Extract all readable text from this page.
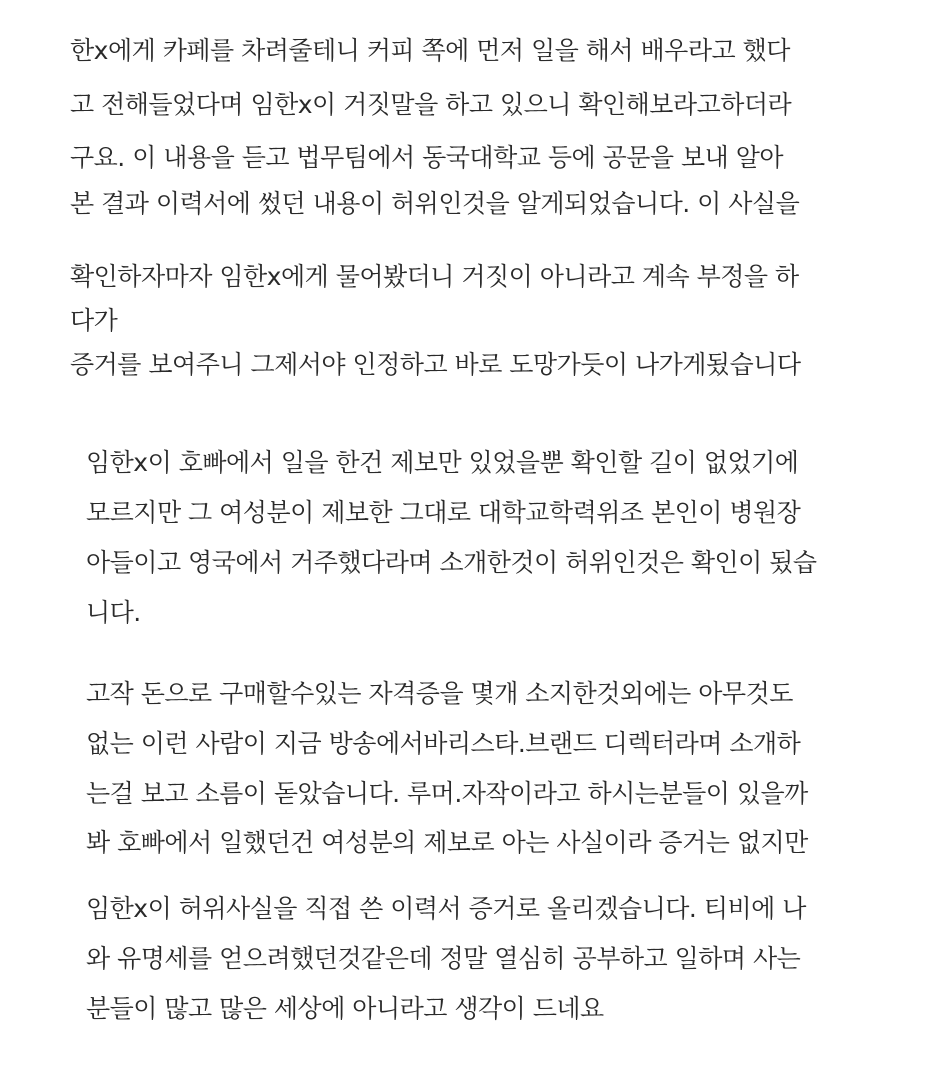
한x에게 카페를 차려줄테니 커피 쪽에 먼저 일을 해서 배우라고 했다
고 전해들었다며 임한x이 거짓말을 하고 있으니 확인해보라고하더라
구요. 이 내용을 듣고 법무팀에서 동국대학교 등에 공문을 보내 알아
본 결과 이력서에 썼던 내용이 허위인것을 알게되었습니다. 이 사실을
확인하자마자 임한x에게 물어봤더니 거짓이 아니라고 계속 부정을 하
다가
증거를 보여주니 그제서야 인정하고 바로 도망가듯이 나가게됬습니다
임한x이 호빠에서 일을 한건 제보만 있었을뿐 확인할 길이 없었기에
모르지만 그 여성분이 제보한 그대로 대학교학력위조 본인이 병원장
아들이고 영국에서 거주했다라며 소개한것이 허위인것은 확인이 됬습
니다.
고작 돈으로 구매할수있는 자격증을 몇개 소지한것외에는 아무것도
없는 이런 사람이 지금 방송에서바리스타.브랜드 디렉터라며 소개하
는걸 보고 소름이 돋았습니다. 루머.자작이라고 하시는분들이 있을까
봐 호빠에서 일했던건 여성분의 제보로 아는 사실이라 증거는 없지만
임한x이 허위사실을 직접 쓴 이력서 증거로 올리겠습니다. 티비에 나
와 유명세를 얻으려했던것같은데 정말 열심히 공부하고 일하며 사는
분들이 많고 많은 세상에 아니라고 생각이 드네요
